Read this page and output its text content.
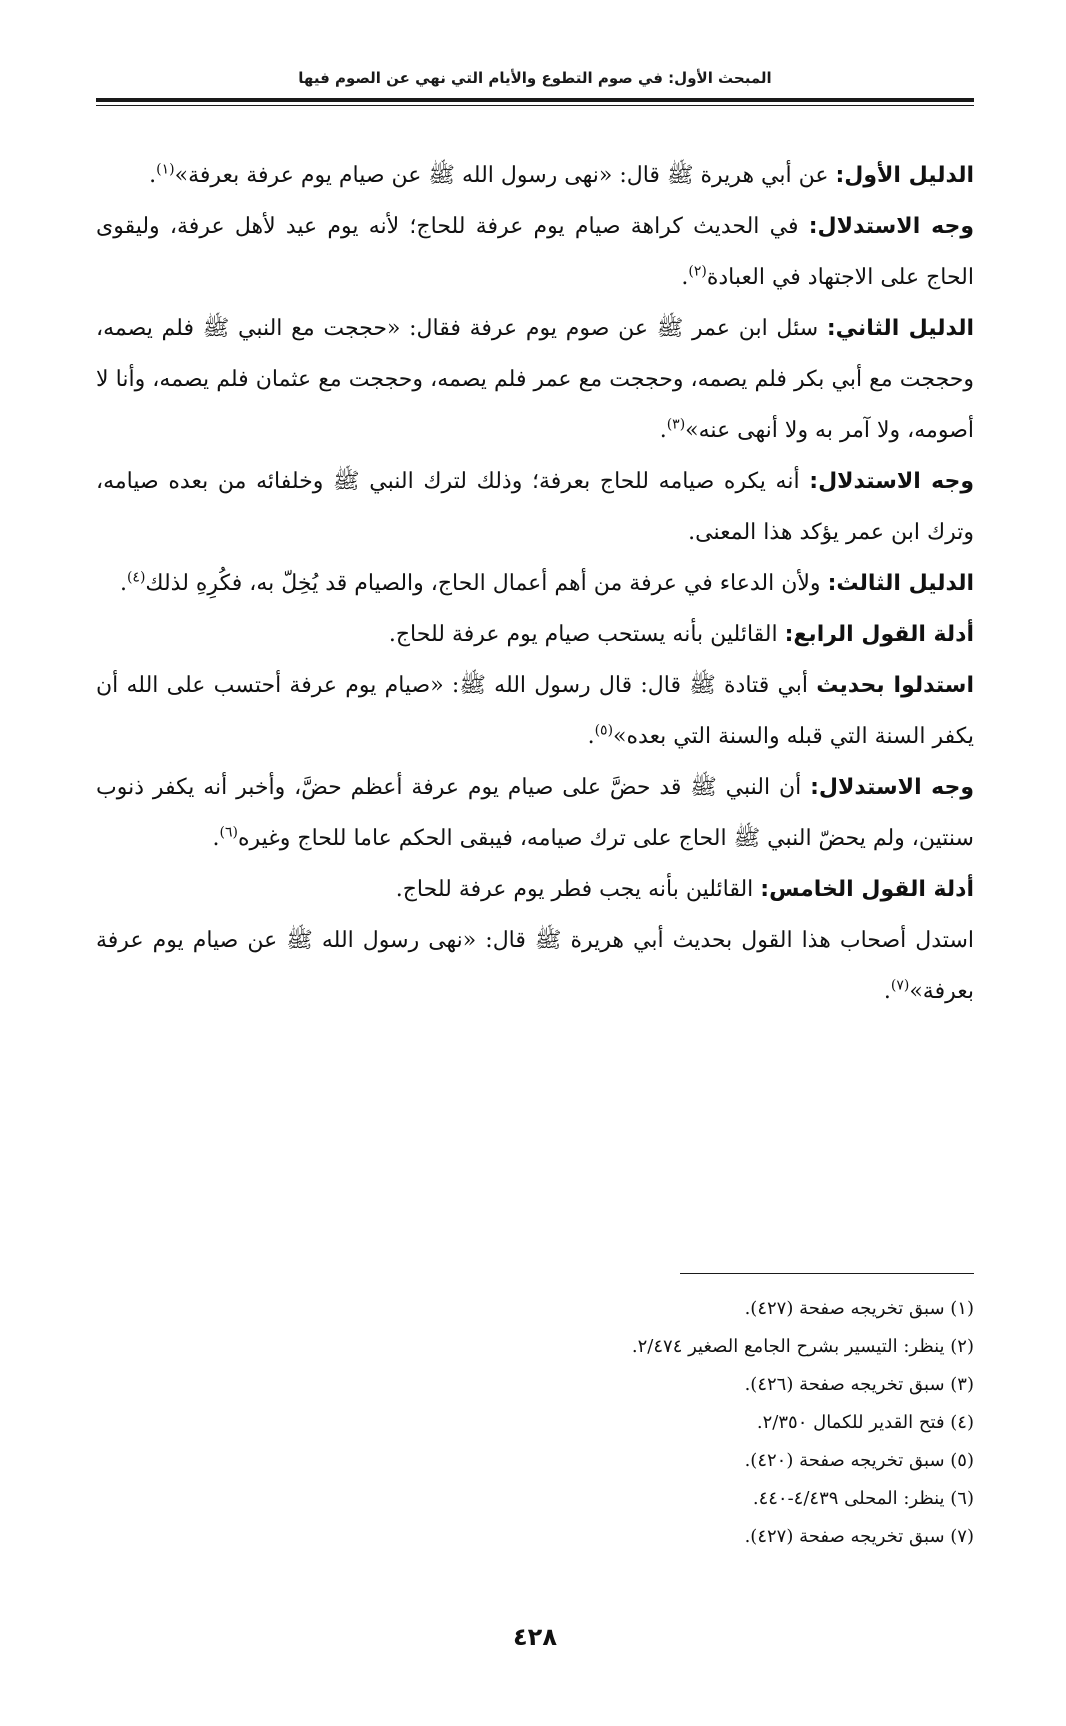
المبحث الأول: في صوم التطوع والأيام التي نهي عن الصوم فيها

الدليل الأول: عن أبي هريرة ﷺ قال: «نهى رسول الله ﷺ عن صيام يوم عرفة بعرفة»$^{(١)}$.

وجه الاستدلال: في الحديث كراهة صيام يوم عرفة للحاج؛ لأنه يوم عيد لأهل عرفة، وليقوى الحاج على الاجتهاد في العبادة$^{(٢)}$.

الدليل الثاني: سئل ابن عمر ﷺ عن صوم يوم عرفة فقال: «حججت مع النبي ﷺ فلم يصمه، وحججت مع أبي بكر فلم يصمه، وحججت مع عمر فلم يصمه، وحججت مع عثمان فلم يصمه، وأنا لا أصومه، ولا آمر به ولا أنهى عنه»$^{(٣)}$.

وجه الاستدلال: أنه يكره صيامه للحاج بعرفة؛ وذلك لترك النبي ﷺ وخلفائه من بعده صيامه، وترك ابن عمر يؤكد هذا المعنى.

الدليل الثالث: ولأن الدعاء في عرفة من أهم أعمال الحاج، والصيام قد يُخِلّ به، فكُرِهِ لذلك$^{(٤)}$.

أدلة القول الرابع: القائلين بأنه يستحب صيام يوم عرفة للحاج.

استدلوا بحديث أبي قتادة ﷺ قال: قال رسول الله ﷺ: «صيام يوم عرفة أحتسب على الله أن يكفر السنة التي قبله والسنة التي بعده»$^{(٥)}$.

وجه الاستدلال: أن النبي ﷺ قد حضَّ على صيام يوم عرفة أعظم حضَّ، وأخبر أنه يكفر ذنوب سنتين، ولم يحضّ النبي ﷺ الحاج على ترك صيامه، فيبقى الحكم عاما للحاج وغيره$^{(٦)}$.

أدلة القول الخامس: القائلين بأنه يجب فطر يوم عرفة للحاج.

استدل أصحاب هذا القول بحديث أبي هريرة ﷺ قال: «نهى رسول الله ﷺ عن صيام يوم عرفة بعرفة»$^{(٧)}$.

(١) سبق تخريجه صفحة (٤٢٧).

(٢) ينظر: التيسير بشرح الجامع الصغير ٢/٤٧٤.

(٣) سبق تخريجه صفحة (٤٢٦).

(٤) فتح القدير للكمال ٢/٣٥٠.

(٥) سبق تخريجه صفحة (٤٢٠).

(٦) ينظر: المحلى ٤/٤٣٩-٤٤٠.

(٧) سبق تخريجه صفحة (٤٢٧).

٤٢٨
